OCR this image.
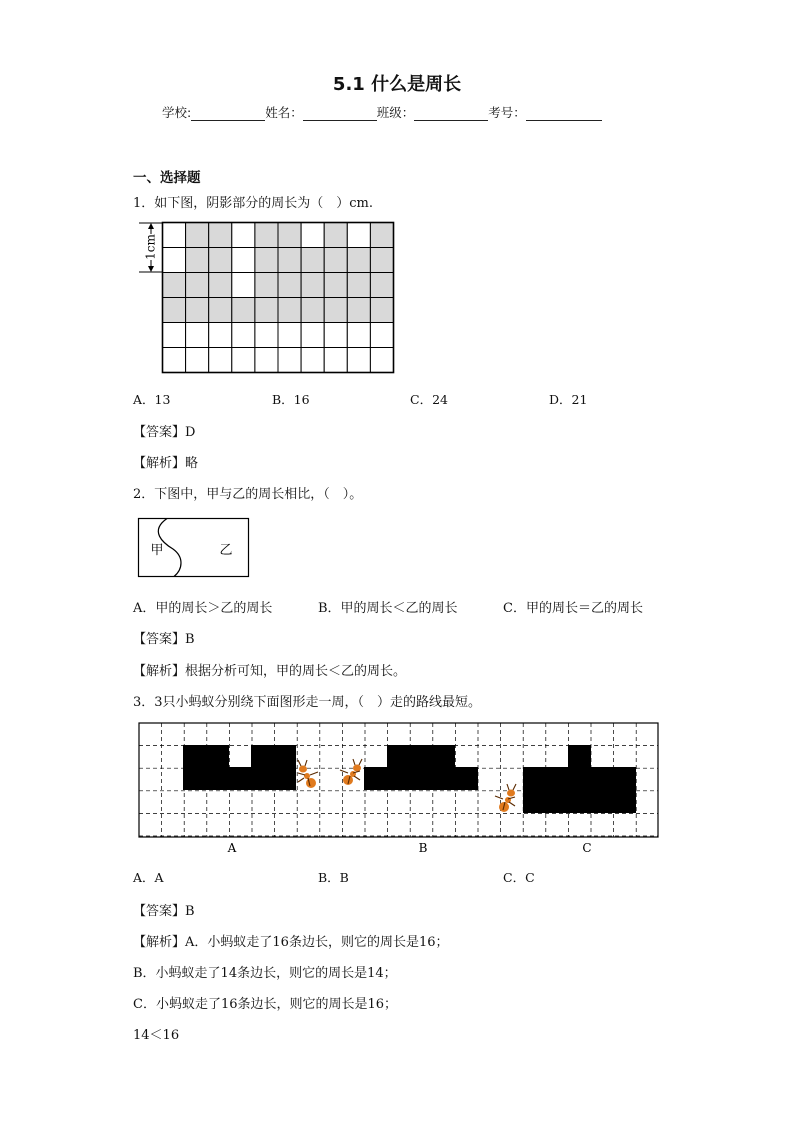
5.1 什么是周长
学校:	姓名：	班级：	考号：
一、选择题
1．如下图，阴影部分的周长为（　）cm.
1cm
A．13	B．16	C．24	D．21
【答案】D
【解析】略
2．下图中，甲与乙的周长相比，（　）。
甲	乙
A．甲的周长＞乙的周长	B．甲的周长＜乙的周长	C．甲的周长＝乙的周长
【答案】B
【解析】根据分析可知，甲的周长＜乙的周长。
3．3只小蚂蚁分别绕下面图形走一周，（　）走的路线最短。
A	B	C
A．A	B．B	C．C
【答案】B
【解析】A．小蚂蚁走了16条边长，则它的周长是16；
B．小蚂蚁走了14条边长，则它的周长是14；
C．小蚂蚁走了16条边长，则它的周长是16；
14＜16
